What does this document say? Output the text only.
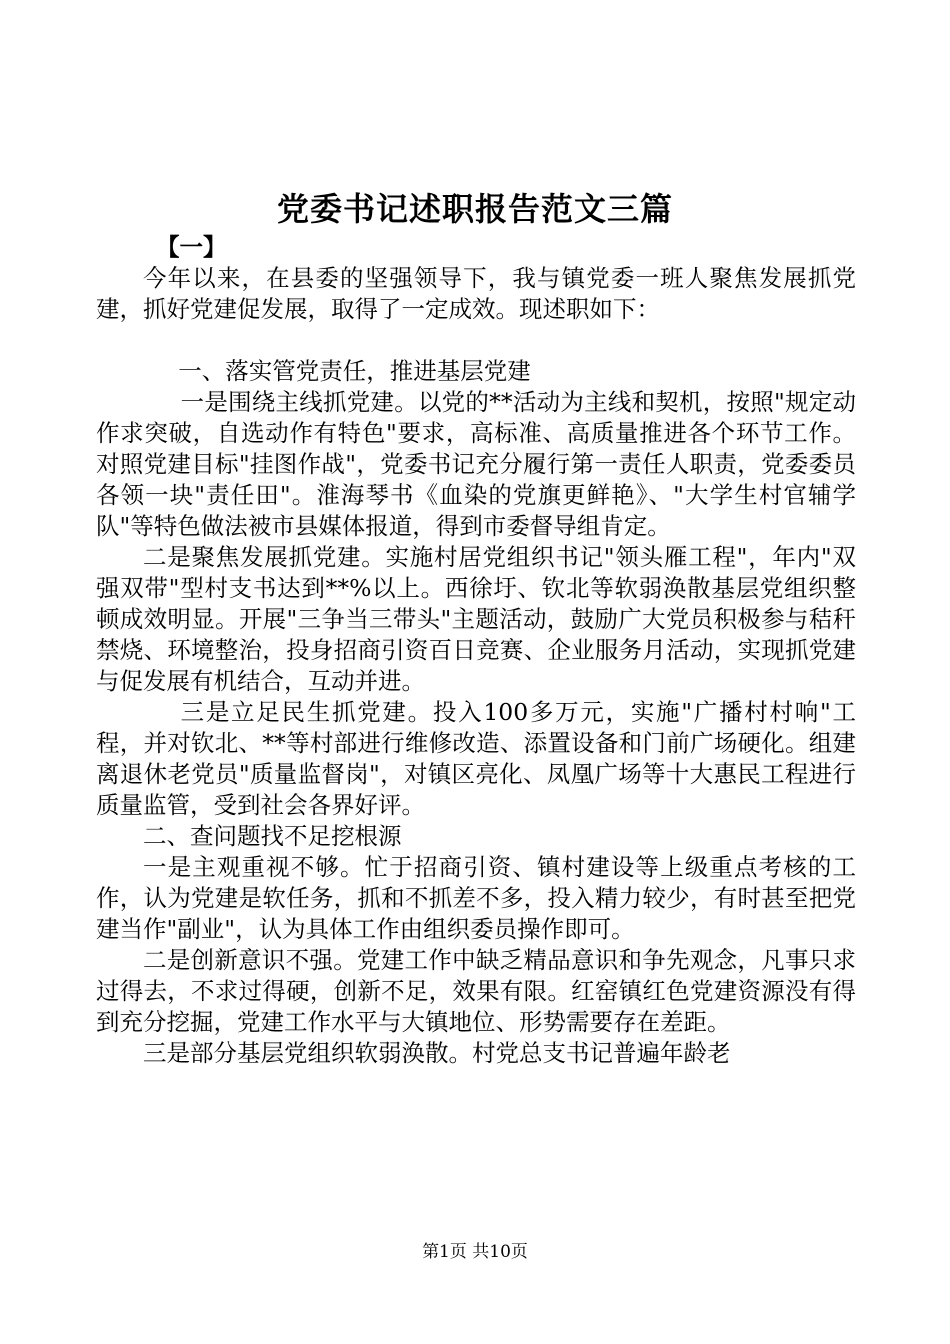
党委书记述职报告范文三篇

【一】

今年以来，在县委的坚强领导下，我与镇党委一班人聚焦发展抓党建，抓好党建促发展，取得了一定成效。现述职如下：

一、落实管党责任，推进基层党建

一是围绕主线抓党建。以党的**活动为主线和契机，按照"规定动作求突破，自选动作有特色"要求，高标准、高质量推进各个环节工作。对照党建目标"挂图作战"，党委书记充分履行第一责任人职责，党委委员各领一块"责任田"。淮海琴书《血染的党旗更鲜艳》、"大学生村官辅学队"等特色做法被市县媒体报道，得到市委督导组肯定。

二是聚焦发展抓党建。实施村居党组织书记"领头雁工程"，年内"双强双带"型村支书达到**%以上。西徐圩、钦北等软弱涣散基层党组织整顿成效明显。开展"三争当三带头"主题活动，鼓励广大党员积极参与秸秆禁烧、环境整治，投身招商引资百日竞赛、企业服务月活动，实现抓党建与促发展有机结合，互动并进。

三是立足民生抓党建。投入100多万元，实施"广播村村响"工程，并对钦北、**等村部进行维修改造、添置设备和门前广场硬化。组建离退休老党员"质量监督岗"，对镇区亮化、凤凰广场等十大惠民工程进行质量监管，受到社会各界好评。

二、查问题找不足挖根源

一是主观重视不够。忙于招商引资、镇村建设等上级重点考核的工作，认为党建是软任务，抓和不抓差不多，投入精力较少，有时甚至把党建当作"副业"，认为具体工作由组织委员操作即可。

二是创新意识不强。党建工作中缺乏精品意识和争先观念，凡事只求过得去，不求过得硬，创新不足，效果有限。红窑镇红色党建资源没有得到充分挖掘，党建工作水平与大镇地位、形势需要存在差距。

三是部分基层党组织软弱涣散。村党总支书记普遍年龄老

第1页 共10页
